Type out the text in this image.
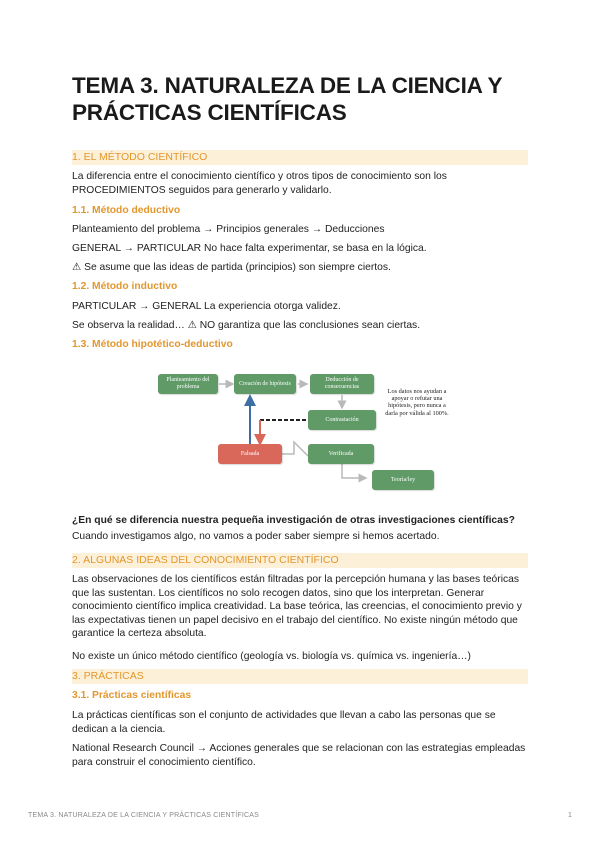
TEMA 3. NATURALEZA DE LA CIENCIA Y PRÁCTICAS CIENTÍFICAS
1. EL MÉTODO CIENTÍFICO
La diferencia entre el conocimiento científico y otros tipos de conocimiento son los PROCEDIMIENTOS seguidos para generarlo y validarlo.
1.1. Método deductivo
Planteamiento del problema → Principios generales → Deducciones
GENERAL → PARTICULAR No hace falta experimentar, se basa en la lógica.
⚠ Se asume que las ideas de partida (principios) son siempre ciertos.
1.2. Método inductivo
PARTICULAR → GENERAL La experiencia otorga validez.
Se observa la realidad… ⚠ NO garantiza que las conclusiones sean ciertas.
1.3. Método hipotético-deductivo
Planteamiento del problema
Creación de hipótesis
Deducción de consecuencias
Contrastación
Falsada	Verificada
Teoría/ley
Los datos nos ayudan a apoyar o refutar una hipótesis, pero nunca a darla por válida al 100%.
¿En qué se diferencia nuestra pequeña investigación de otras investigaciones científicas?
Cuando investigamos algo, no vamos a poder saber siempre si hemos acertado.
2. ALGUNAS IDEAS DEL CONOCIMIENTO CIENTÍFICO
Las observaciones de los científicos están filtradas por la percepción humana y las bases teóricas que las sustentan. Los científicos no solo recogen datos, sino que los interpretan. Generar conocimiento científico implica creatividad. La base teórica, las creencias, el conocimiento previo y las expectativas tienen un papel decisivo en el trabajo del científico. No existe ningún método que garantice la certeza absoluta.
No existe un único método científico (geología vs. biología vs. química vs. ingeniería…)
3. PRÁCTICAS
3.1. Prácticas científicas
La prácticas científicas son el conjunto de actividades que llevan a cabo las personas que se dedican a la ciencia.
National Research Council → Acciones generales que se relacionan con las estrategias empleadas para construir el conocimiento científico.
TEMA 3. NATURALEZA DE LA CIENCIA Y PRÁCTICAS CIENTÍFICAS	1
